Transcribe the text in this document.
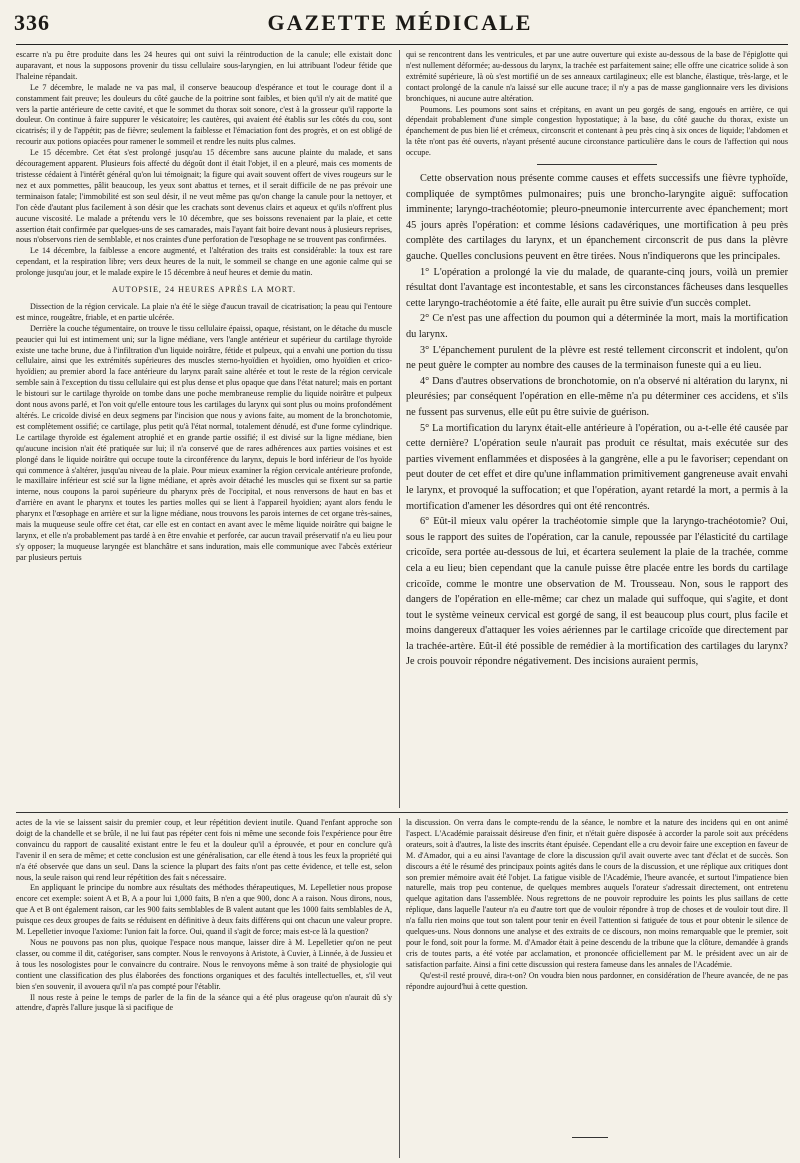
336	GAZETTE MÉDICALE

escarre n'a pu être produite dans les 24 heures qui ont suivi la réintroduction de la canule; elle existait donc auparavant, et nous la supposons provenir du tissu cellulaire sous-laryngien, en lui attribuant l'odeur fétide que l'haleine répandait.

Le 7 décembre, le malade ne va pas mal, il conserve beaucoup d'espérance et tout le courage dont il a constamment fait preuve; les douleurs du côté gauche de la poitrine sont faibles, et bien qu'il n'y ait de matité que vers la partie antérieure de cette cavité, et que le sommet du thorax soit sonore, c'est à la grosseur qu'il rapporte la douleur. On continue à faire suppurer le vésicatoire; les cautères, qui avaient été établis sur les côtés du cou, sont cicatrisés; il y de l'appétit; pas de fièvre; seulement la faiblesse et l'émaciation font des progrès, et on est obligé de recourir aux potions opiacées pour ramener le sommeil et rendre les nuits plus calmes.

Le 15 décembre. Cet état s'est prolongé jusqu'au 15 décembre sans aucune plainte du malade, et sans découragement apparent. Plusieurs fois affecté du dégoût dont il était l'objet, il en a pleuré, mais ces moments de tristesse cédaient à l'intérêt général qu'on lui témoignait; la figure qui avait souvent offert de vives rougeurs sur le nez et aux pommettes, pâlit beaucoup, les yeux sont abattus et ternes, et il serait difficile de ne pas prévoir une terminaison fatale; l'immobilité est son seul désir, il ne veut même pas qu'on change la canule pour la nettoyer, et l'on cède d'autant plus facilement à son désir que les crachats sont devenus clairs et aqueux et qu'ils n'offrent plus aucune viscosité. Le malade a prétendu vers le 10 décembre, que ses boissons revenaient par la plaie, et cette assertion était confirmée par quelques-uns de ses camarades, mais l'ayant fait boire devant nous à plusieurs reprises, nous n'observons rien de semblable, et nos craintes d'une perforation de l'œsophage ne se trouvent pas confirmées.

Le 14 décembre, la faiblesse a encore augmenté, et l'altération des traits est considérable: la toux est rare cependant, et la respiration libre; vers deux heures de la nuit, le sommeil se change en une agonie calme qui se prolonge jusqu'au jour, et le malade expire le 15 décembre à neuf heures et demie du matin.

AUTOPSIE, 24 HEURES APRÈS LA MORT.

Dissection de la région cervicale. La plaie n'a été le siège d'aucun travail de cicatrisation; la peau qui l'entoure est mince, rougeâtre, friable, et en partie ulcérée.

Derrière la couche tégumentaire, on trouve le tissu cellulaire épaissi, opaque, résistant, on le détache du muscle peaucier qui lui est intimement uni; sur la ligne médiane, vers l'angle antérieur et supérieur du cartilage thyroïde existe une tache brune, due à l'infiltration d'un liquide noirâtre, fétide et pulpeux, qui a envahi une portion du tissu cellulaire, ainsi que les extrémités supérieures des muscles sterno-hyoïdien et hyoïdien, omo hyoïdien et crico-hyoïdien; au premier abord la face antérieure du larynx paraît saine altérée et tout le reste de la région cervicale semble sain à l'exception du tissu cellulaire qui est plus dense et plus opaque que dans l'état naturel; mais en portant le bistouri sur le cartilage thyroïde on tombe dans une poche membraneuse remplie du liquide noirâtre et pulpeux dont nous avons parlé, et l'on voit qu'elle entoure tous les cartilages du larynx qui sont plus ou moins profondément altérés. Le cricoïde divisé en deux segmens par l'incision que nous y avions faite, au moment de la bronchotomie, est complètement ossifié; ce cartilage, plus petit qu'à l'état normal, totalement dénudé, est d'une forme cylindrique. Le cartilage thyroïde est également atrophié et en grande partie ossifié; il est divisé sur la ligne médiane, bien qu'aucune incision n'ait été pratiquée sur lui; il n'a conservé que de rares adhérences aux parties voisines et est plongé dans le liquide noirâtre qui occupe toute la circonférence du larynx, depuis le bord inférieur de l'os hyoïde qui commence à s'altérer, jusqu'au niveau de la plaie. Pour mieux examiner la région cervicale antérieure profonde, le maxillaire inférieur est scié sur la ligne médiane, et après avoir détaché les muscles qui se fixent sur sa partie interne, nous coupons la paroi supérieure du pharynx près de l'occipital, et nous renversons de haut en bas et d'arrière en avant le pharynx et toutes les parties molles qui se lient à l'appareil hyoïdien; ayant alors fendu le pharynx et l'œsophage en arrière et sur la ligne médiane, nous trouvons les parois internes de cet organe très-saines, mais la muqueuse seule offre cet état, car elle est en contact en avant avec le même liquide noirâtre qui baigne le larynx, et elle n'a probablement pas tardé à en être envahie et perforée, car aucun travail préservatif n'a eu lieu pour s'y opposer; la muqueuse laryngée est blanchâtre et sans induration, mais elle communique avec l'abcès extérieur par plusieurs pertuis

qui se rencontrent dans les ventricules, et par une autre ouverture qui existe au-dessous de la base de l'épiglotte qui n'est nullement déformée; au-dessous du larynx, la trachée est parfaitement saine; elle offre une cicatrice solide à son extrémité supérieure, là où s'est mortifié un de ses anneaux cartilagineux; elle est blanche, élastique, très-large, et le contact prolongé de la canule n'a laissé sur elle aucune trace; il n'y a pas de masse ganglionnaire vers les divisions bronchiques, ni aucune autre altération.

Poumons. Les poumons sont sains et crépitans, en avant un peu gorgés de sang, engoués en arrière, ce qui dépendait probablement d'une simple congestion hypostatique; à la base, du côté gauche du thorax, existe un épanchement de pus bien lié et crémeux, circonscrit et contenant à peu près cinq à six onces de liquide; l'abdomen et la tête n'ont pas été ouverts, n'ayant présenté aucune circonstance particulière dans le cours de l'affection qui nous occupe.

Cette observation nous présente comme causes et effets successifs une fièvre typhoïde, compliquée de symptômes pulmonaires; puis une broncho-laryngite aiguë: suffocation imminente; laryngo-trachéotomie; pleuro-pneumonie intercurrente avec épanchement; mort 45 jours après l'opération: et comme lésions cadavériques, une mortification à peu près complète des cartilages du larynx, et un épanchement circonscrit de pus dans la plèvre gauche. Quelles conclusions peuvent en être tirées. Nous n'indiquerons que les principales.

1° L'opération a prolongé la vie du malade, de quarante-cinq jours, voilà un premier résultat dont l'avantage est incontestable, et sans les circonstances fâcheuses dans lesquelles cette laryngo-trachéotomie a été faite, elle aurait pu être suivie d'un succès complet.

2° Ce n'est pas une affection du poumon qui a déterminée la mort, mais la mortification du larynx.

3° L'épanchement purulent de la plèvre est resté tellement circonscrit et indolent, qu'on ne peut guère le compter au nombre des causes de la terminaison funeste qui a eu lieu.

4° Dans d'autres observations de bronchotomie, on n'a observé ni altération du larynx, ni pleurésies; par conséquent l'opération en elle-même n'a pu déterminer ces accidens, et s'ils ne fussent pas survenus, elle eût pu être suivie de guérison.

5° La mortification du larynx était-elle antérieure à l'opération, ou a-t-elle été causée par cette dernière? L'opération seule n'aurait pas produit ce résultat, mais exécutée sur des parties vivement enflammées et disposées à la gangrène, elle a pu le favoriser; cependant on peut douter de cet effet et dire qu'une inflammation primitivement gangreneuse avait envahi le larynx, et provoqué la suffocation; et que l'opération, ayant retardé la mort, a permis à la mortification d'amener les désordres qui ont été rencontrés.

6° Eût-il mieux valu opérer la trachéotomie simple que la laryngo-trachéotomie? Oui, sous le rapport des suites de l'opération, car la canule, repoussée par l'élasticité du cartilage cricoïde, sera portée au-dessous de lui, et écartera seulement la plaie de la trachée, comme cela a eu lieu; bien cependant que la canule puisse être placée entre les bords du cartilage cricoïde, comme le montre une observation de M. Trousseau. Non, sous le rapport des dangers de l'opération en elle-même; car chez un malade qui suffoque, qui s'agite, et dont tout le système veineux cervical est gorgé de sang, il est beaucoup plus court, plus facile et moins dangereux d'attaquer les voies aériennes par le cartilage cricoïde que directement par la trachée-artère. Eût-il été possible de remédier à la mortification des cartilages du larynx? Je crois pouvoir répondre négativement. Des incisions auraient permis,

actes de la vie se laissent saisir du premier coup, et leur répétition devient inutile. Quand l'enfant approche son doigt de la chandelle et se brûle, il ne lui faut pas répéter cent fois ni même une seconde fois l'expérience pour être convaincu du rapport de causalité existant entre le feu et la douleur qu'il a éprouvée, et pour en conclure qu'à l'avenir il en sera de même; et cette conclusion est une généralisation, car elle étend à tous les feux la propriété qui n'a été observée que dans un seul. Dans la science la plupart des faits n'ont pas cette évidence, et telle est, selon nous, la seule raison qui rend leur répétition des fait s nécessaire.

En appliquant le principe du nombre aux résultats des méthodes thérapeutiques, M. Lepelletier nous propose encore cet exemple: soient A et B, A a pour lui 1,000 faits, B n'en a que 900, donc A a raison. Nous dirons, nous, que A et B ont également raison, car les 900 faits semblables de B valent autant que les 1000 faits semblables de A, puisque ces deux groupes de faits se réduisent en définitive à deux faits différens qui ont chacun une valeur propre. M. Lepelletier invoque l'axiome: l'union fait la force. Oui, quand il s'agit de force; mais est-ce là la question?

Nous ne pouvons pas non plus, quoique l'espace nous manque, laisser dire à M. Lepelletier qu'on ne peut classer, ou comme il dit, catégoriser, sans compter. Nous le renvoyons à Aristote, à Cuvier, à Linnée, à de Jussieu et à tous les nosologistes pour le convaincre du contraire. Nous le renvoyons même à son traité de physiologie qui contient une classification des plus élaborées des fonctions organiques et des facultés intellectuelles, et, s'il veut bien s'en souvenir, il avouera qu'il n'a pas compté pour l'établir.

Il nous reste à peine le temps de parler de la fin de la séance qui a été plus orageuse qu'on n'aurait dû s'y attendre, d'après l'allure jusque là si pacifique de

la discussion. On verra dans le compte-rendu de la séance, le nombre et la nature des incidens qui en ont animé l'aspect. L'Académie paraissait désireuse d'en finir, et n'était guère disposée à accorder la parole soit aux précédens orateurs, soit à d'autres, la liste des inscrits étant épuisée. Cependant elle a cru devoir faire une exception en faveur de M. d'Amador, qui a eu ainsi l'avantage de clore la discussion qu'il avait ouverte avec tant d'éclat et de succès. Son discours a été le résumé des principaux points agités dans le cours de la discussion, et une réplique aux critiques dont son premier mémoire avait été l'objet. La fatigue visible de l'Académie, l'heure avancée, et surtout l'impatience bien naturelle, mais trop peu contenue, de quelques membres auquels l'orateur s'adressait directement, ont entretenu quelque agitation dans l'assemblée. Nous regrettons de ne pouvoir reproduire les points les plus saillans de cette réplique, dans laquelle l'auteur n'a eu d'autre tort que de vouloir répondre à trop de choses et de vouloir tout dire. Il n'a fallu rien moins que tout son talent pour tenir en éveil l'attention si fatiguée de tous et pour obtenir le silence de quelques-uns. Nous donnons une analyse et des extraits de ce discours, non moins remarquable que le premier, soit pour le fond, soit pour la forme. M. d'Amador était à peine descendu de la tribune que la clôture, demandée à grands cris de toutes parts, a été votée par acclamation, et prononcée officiellement par M. le président avec un air de satisfaction parfaite. Ainsi a fini cette discussion qui restera fameuse dans les annales de l'Académie.

Qu'est-il resté prouvé, dira-t-on? On voudra bien nous pardonner, en considération de l'heure avancée, de ne pas répondre aujourd'hui à cette question.
